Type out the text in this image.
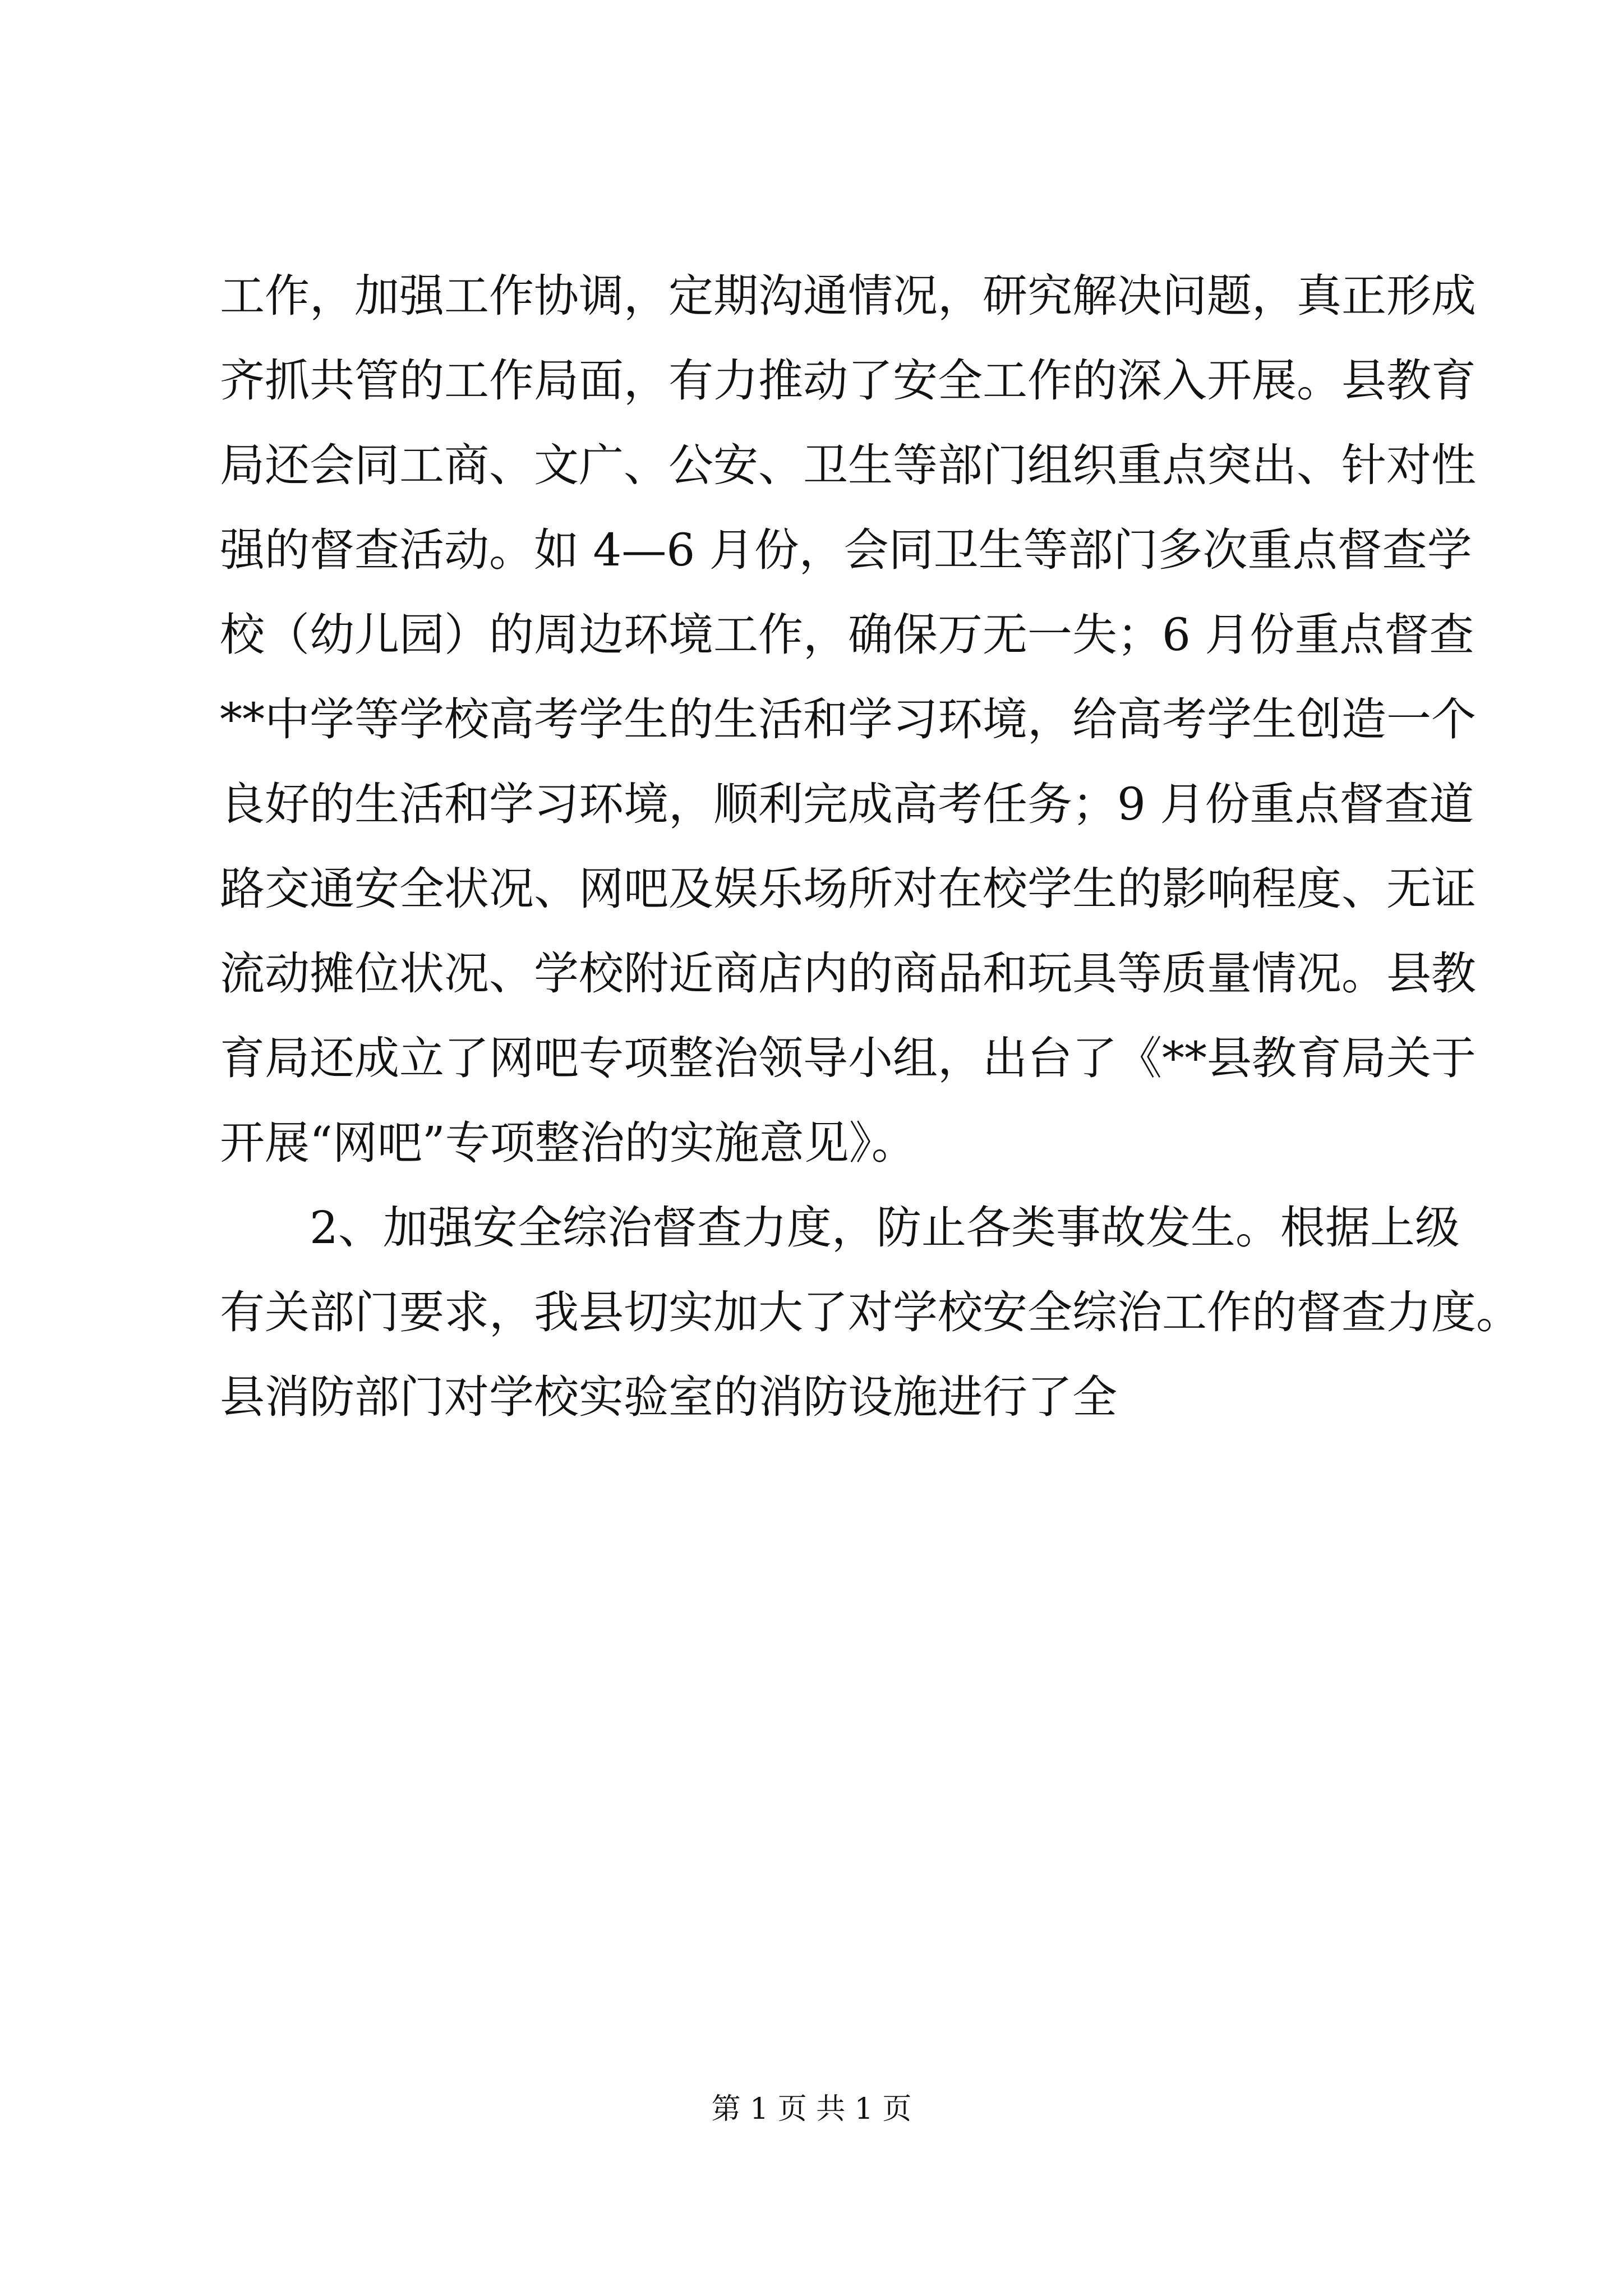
工作，加强工作协调，定期沟通情况，研究解决问题，真正形成
齐抓共管的工作局面，有力推动了安全工作的深入开展。县教育
局还会同工商、文广、公安、卫生等部门组织重点突出、针对性
强的督查活动。如 4—6 月份，会同卫生等部门多次重点督查学
校（幼儿园）的周边环境工作，确保万无一失；6 月份重点督查
**中学等学校高考学生的生活和学习环境，给高考学生创造一个
良好的生活和学习环境，顺利完成高考任务；9 月份重点督查道
路交通安全状况、网吧及娱乐场所对在校学生的影响程度、无证
流动摊位状况、学校附近商店内的商品和玩具等质量情况。县教
育局还成立了网吧专项整治领导小组，出台了《**县教育局关于
开展“网吧”专项整治的实施意见》。
2、加强安全综治督查力度，防止各类事故发生。根据上级
有关部门要求，我县切实加大了对学校安全综治工作的督查力度。
县消防部门对学校实验室的消防设施进行了全
第 1 页 共 1 页
